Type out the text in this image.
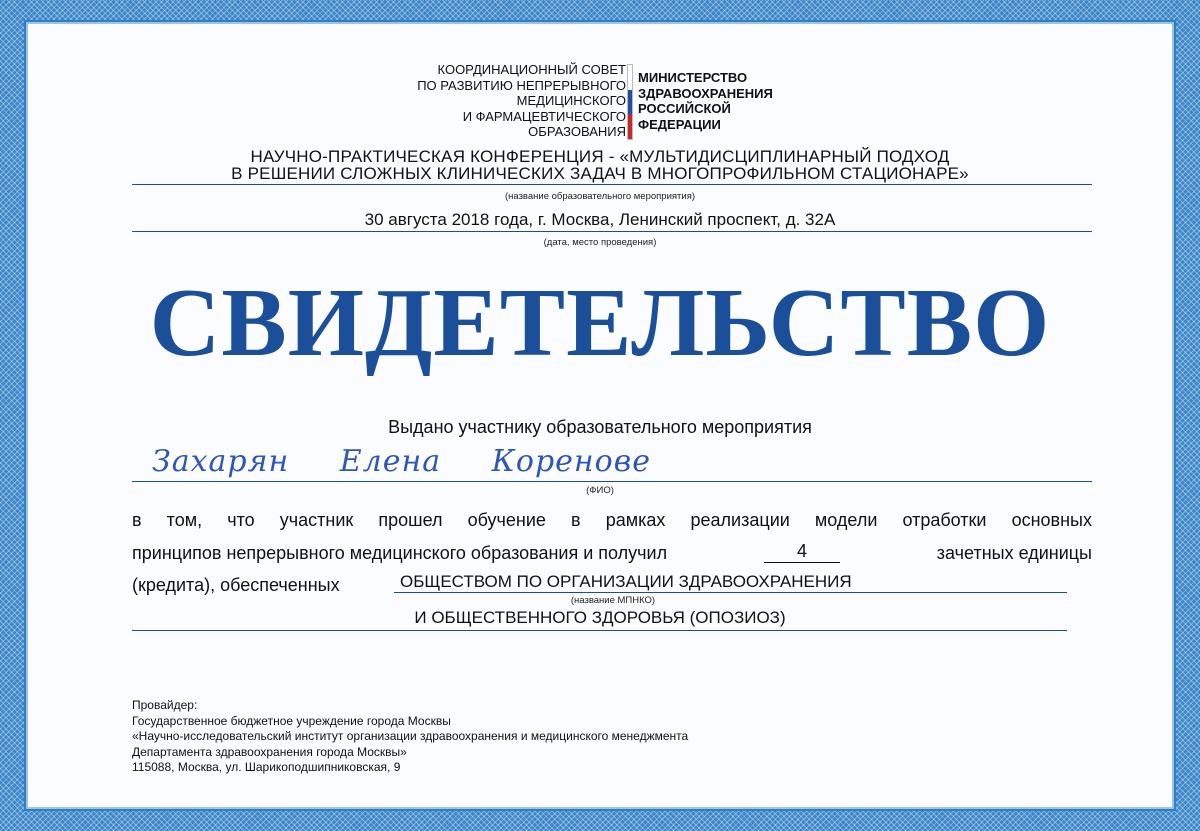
КООРДИНАЦИОННЫЙ СОВЕТ
ПО РАЗВИТИЮ НЕПРЕРЫВНОГО
МЕДИЦИНСКОГО
И ФАРМАЦЕВТИЧЕСКОГО
ОБРАЗОВАНИЯ
МИНИСТЕРСТВО
ЗДРАВООХРАНЕНИЯ
РОССИЙСКОЙ
ФЕДЕРАЦИИ
НАУЧНО-ПРАКТИЧЕСКАЯ КОНФЕРЕНЦИЯ - «МУЛЬТИДИСЦИПЛИНАРНЫЙ ПОДХОД
В РЕШЕНИИ СЛОЖНЫХ КЛИНИЧЕСКИХ ЗАДАЧ В МНОГОПРОФИЛЬНОМ СТАЦИОНАРЕ»
(название образовательного мероприятия)
30 августа 2018 года, г. Москва, Ленинский проспект, д. 32А
(дата, место проведения)
СВИДЕТЕЛЬСТВО
Выдано участнику образовательного мероприятия
Захарян Елена Коренове
(ФИО)
в том, что участник прошел обучение в рамках реализации модели отработки основных
принципов непрерывного медицинского образования и получил	4	зачетных единицы
(кредита), обеспеченных	ОБЩЕСТВОМ ПО ОРГАНИЗАЦИИ ЗДРАВООХРАНЕНИЯ
(название МПНКО)
И ОБЩЕСТВЕННОГО ЗДОРОВЬЯ (ОПОЗИОЗ)
Провайдер:
Государственное бюджетное учреждение города Москвы
«Научно-исследовательский институт организации здравоохранения и медицинского менеджмента
Департамента здравоохранения города Москвы»
115088, Москва, ул. Шарикоподшипниковская, 9
